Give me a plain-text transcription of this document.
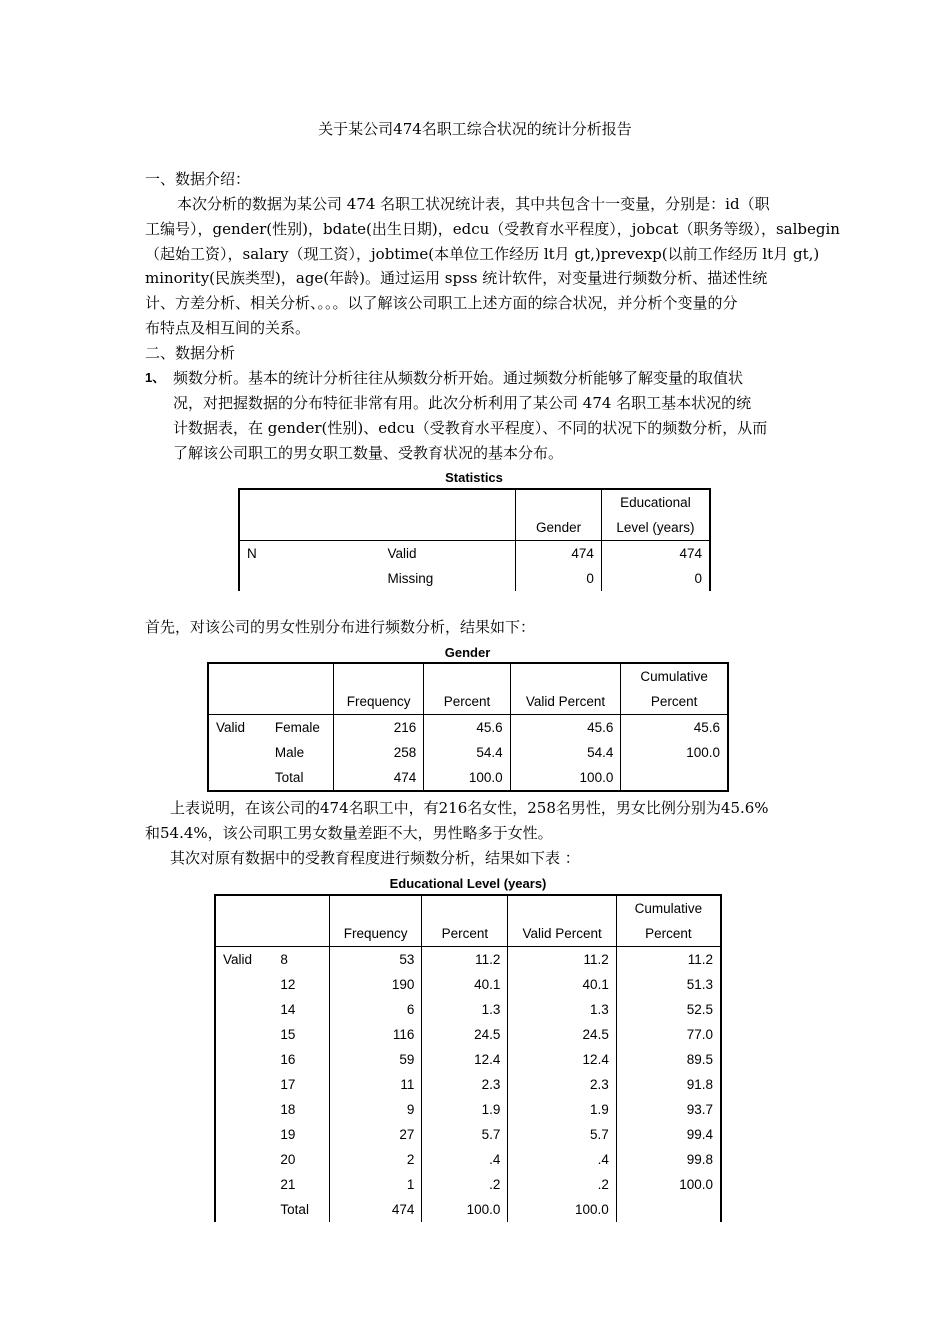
关于某公司474名职工综合状况的统计分析报告
一、数据介绍：
本次分析的数据为某公司 474 名职工状况统计表，其中共包含十一变量，分别是：id（职
工编号），gender(性别)，bdate(出生日期)，edcu（受教育水平程度），jobcat（职务等级），salbegin
（起始工资），salary（现工资），jobtime(本单位工作经历 lt月 gt,)prevexp(以前工作经历 lt月 gt,)
minority(民族类型)，age(年龄)。通过运用 spss 统计软件，对变量进行频数分析、描述性统
计、方差分析、相关分析、。。。以了解该公司职工上述方面的综合状况，并分析个变量的分
布特点及相互间的关系。
二、数据分析
1、 频数分析。基本的统计分析往往从频数分析开始。通过频数分析能够了解变量的取值状
况，对把握数据的分布特征非常有用。此次分析利用了某公司 474 名职工基本状况的统
计数据表，在 gender(性别)、edcu（受教育水平程度）、不同的状况下的频数分析，从而
了解该公司职工的男女职工数量、受教育状况的基本分布。
Statistics
			Educational
		Gender	Level (years)
N	Valid	474	474
	Missing	0	0
首先，对该公司的男女性别分布进行频数分析，结果如下：
Gender
					Cumulative
		Frequency	Percent	Valid Percent	Percent
Valid	Female	216	45.6	45.6	45.6
	Male	258	54.4	54.4	100.0
	Total	474	100.0	100.0	
上表说明，在该公司的474名职工中，有216名女性，258名男性，男女比例分别为45.6%
和54.4%，该公司职工男女数量差距不大，男性略多于女性。
其次对原有数据中的受教育程度进行频数分析，结果如下表 ：
Educational Level (years)
					Cumulative
		Frequency	Percent	Valid Percent	Percent
Valid	8	53	11.2	11.2	11.2
	12	190	40.1	40.1	51.3
	14	6	1.3	1.3	52.5
	15	116	24.5	24.5	77.0
	16	59	12.4	12.4	89.5
	17	11	2.3	2.3	91.8
	18	9	1.9	1.9	93.7
	19	27	5.7	5.7	99.4
	20	2	.4	.4	99.8
	21	1	.2	.2	100.0
	Total	474	100.0	100.0	
